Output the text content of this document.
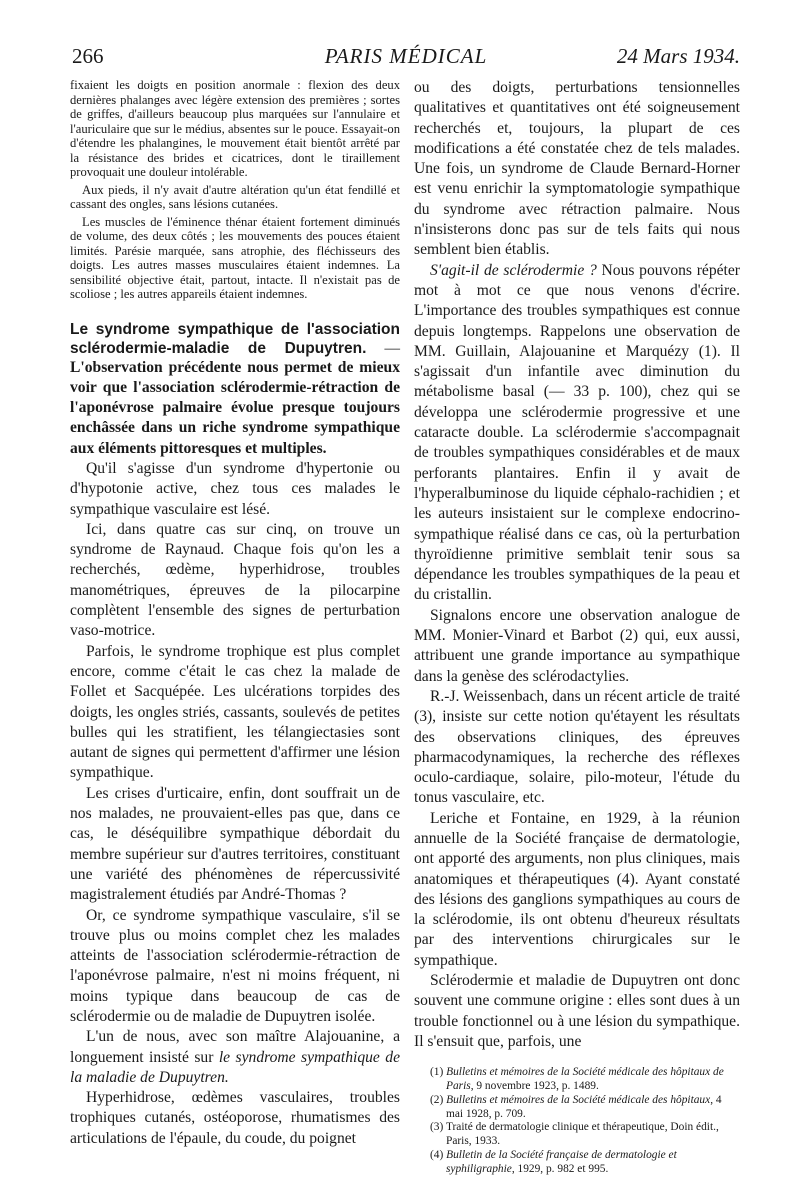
266	PARIS MÉDICAL	24 Mars 1934.

fixaient les doigts en position anormale : flexion des deux dernières phalanges avec légère extension des premières ; sortes de griffes, d'ailleurs beaucoup plus marquées sur l'annulaire et l'auriculaire que sur le médius, absentes sur le pouce. Essayait-on d'étendre les phalangines, le mouvement était bientôt arrêté par la résistance des brides et cicatrices, dont le tiraillement provoquait une douleur intolérable.

Aux pieds, il n'y avait d'autre altération qu'un état fendillé et cassant des ongles, sans lésions cutanées.

Les muscles de l'éminence thénar étaient fortement diminués de volume, des deux côtés ; les mouvements des pouces étaient limités. Parésie marquée, sans atrophie, des fléchisseurs des doigts. Les autres masses musculaires étaient indemnes. La sensibilité objective était, partout, intacte. Il n'existait pas de scoliose ; les autres appareils étaient indemnes.

Le syndrome sympathique de l'association sclérodermie-maladie de Dupuytren. — L'observation précédente nous permet de mieux voir que l'association sclérodermie-rétraction de l'aponévrose palmaire évolue presque toujours enchâssée dans un riche syndrome sympathique aux éléments pittoresques et multiples.

Qu'il s'agisse d'un syndrome d'hypertonie ou d'hypotonie active, chez tous ces malades le sympathique vasculaire est lésé.

Ici, dans quatre cas sur cinq, on trouve un syndrome de Raynaud. Chaque fois qu'on les a recherchés, œdème, hyperhidrose, troubles manométriques, épreuves de la pilocarpine complètent l'ensemble des signes de perturbation vaso-motrice.

Parfois, le syndrome trophique est plus complet encore, comme c'était le cas chez la malade de Follet et Sacquépée. Les ulcérations torpides des doigts, les ongles striés, cassants, soulevés de petites bulles qui les stratifient, les télangiectasies sont autant de signes qui permettent d'affirmer une lésion sympathique.

Les crises d'urticaire, enfin, dont souffrait un de nos malades, ne prouvaient-elles pas que, dans ce cas, le déséquilibre sympathique débordait du membre supérieur sur d'autres territoires, constituant une variété des phénomènes de répercussivité magistralement étudiés par André-Thomas ?

Or, ce syndrome sympathique vasculaire, s'il se trouve plus ou moins complet chez les malades atteints de l'association sclérodermie-rétraction de l'aponévrose palmaire, n'est ni moins fréquent, ni moins typique dans beaucoup de cas de sclérodermie ou de maladie de Dupuytren isolée.

L'un de nous, avec son maître Alajouanine, a longuement insisté sur le syndrome sympathique de la maladie de Dupuytren.

Hyperhidrose, œdèmes vasculaires, troubles trophiques cutanés, ostéoporose, rhumatismes des articulations de l'épaule, du coude, du poignet

ou des doigts, perturbations tensionnelles qualitatives et quantitatives ont été soigneusement recherchés et, toujours, la plupart de ces modifications a été constatée chez de tels malades. Une fois, un syndrome de Claude Bernard-Horner est venu enrichir la symptomatologie sympathique du syndrome avec rétraction palmaire. Nous n'insisterons donc pas sur de tels faits qui nous semblent bien établis.

S'agit-il de sclérodermie ? Nous pouvons répéter mot à mot ce que nous venons d'écrire. L'importance des troubles sympathiques est connue depuis longtemps. Rappelons une observation de MM. Guillain, Alajouanine et Marquézy (1). Il s'agissait d'un infantile avec diminution du métabolisme basal (— 33 p. 100), chez qui se développa une sclérodermie progressive et une cataracte double. La sclérodermie s'accompagnait de troubles sympathiques considérables et de maux perforants plantaires. Enfin il y avait de l'hyperalbuminose du liquide céphalo-rachidien ; et les auteurs insistaient sur le complexe endocrino-sympathique réalisé dans ce cas, où la perturbation thyroïdienne primitive semblait tenir sous sa dépendance les troubles sympathiques de la peau et du cristallin.

Signalons encore une observation analogue de MM. Monier-Vinard et Barbot (2) qui, eux aussi, attribuent une grande importance au sympathique dans la genèse des sclérodactylies.

R.-J. Weissenbach, dans un récent article de traité (3), insiste sur cette notion qu'étayent les résultats des observations cliniques, des épreuves pharmacodynamiques, la recherche des réflexes oculo-cardiaque, solaire, pilo-moteur, l'étude du tonus vasculaire, etc.

Leriche et Fontaine, en 1929, à la réunion annuelle de la Société française de dermatologie, ont apporté des arguments, non plus cliniques, mais anatomiques et thérapeutiques (4). Ayant constaté des lésions des ganglions sympathiques au cours de la sclérodomie, ils ont obtenu d'heureux résultats par des interventions chirurgicales sur le sympathique.

Sclérodermie et maladie de Dupuytren ont donc souvent une commune origine : elles sont dues à un trouble fonctionnel ou à une lésion du sympathique. Il s'ensuit que, parfois, une

(1) Bulletins et mémoires de la Société médicale des hôpitaux de Paris, 9 novembre 1923, p. 1489.

(2) Bulletins et mémoires de la Société médicale des hôpitaux, 4 mai 1928, p. 709.

(3) Traité de dermatologie clinique et thérapeutique, Doin édit., Paris, 1933.

(4) Bulletin de la Société française de dermatologie et syphiligraphie, 1929, p. 982 et 995.
